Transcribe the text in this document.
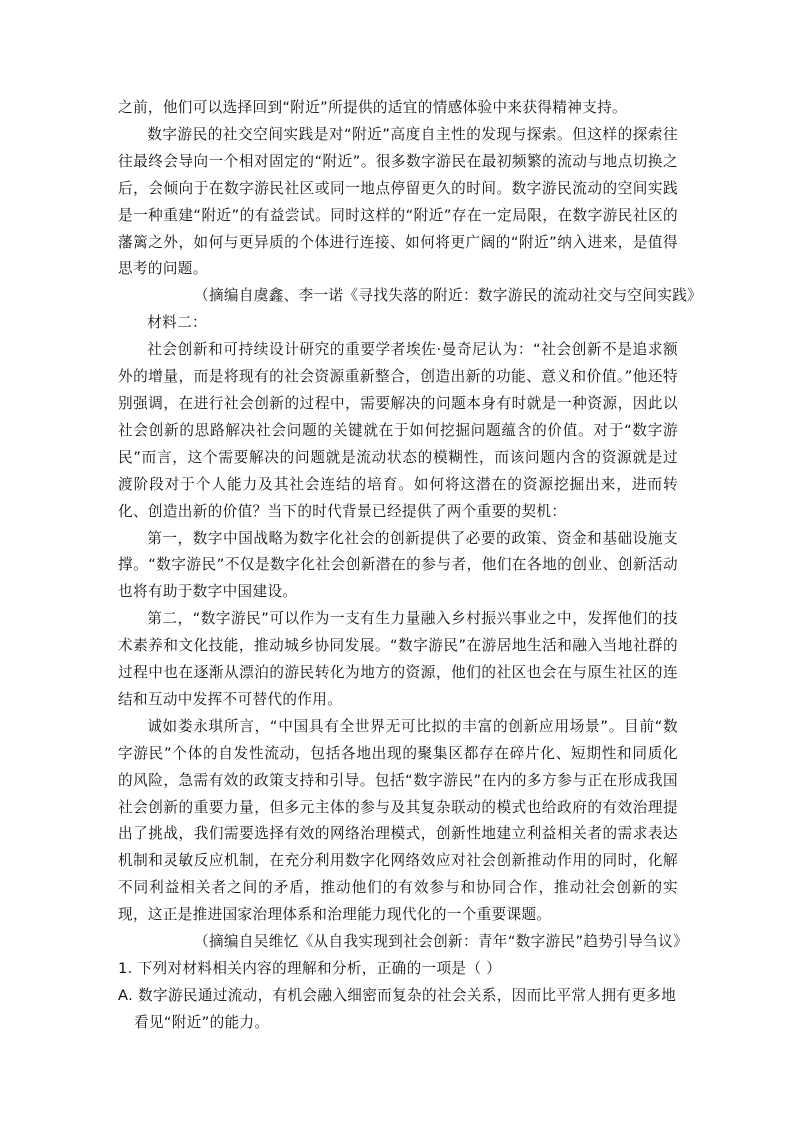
之前，他们可以选择回到“附近”所提供的适宜的情感体验中来获得精神支持。

数字游民的社交空间实践是对“附近”高度自主性的发现与探索。但这样的探索往往最终会导向一个相对固定的“附近”。很多数字游民在最初频繁的流动与地点切换之后，会倾向于在数字游民社区或同一地点停留更久的时间。数字游民流动的空间实践是一种重建“附近”的有益尝试。同时这样的“附近”存在一定局限，在数字游民社区的藩篱之外，如何与更异质的个体进行连接、如何将更广阔的“附近”纳入进来，是值得思考的问题。

（摘编自虞鑫、李一诺《寻找失落的附近：数字游民的流动社交与空间实践》

材料二：

社会创新和可持续设计研究的重要学者埃佐·曼奇尼认为：“社会创新不是追求额外的增量，而是将现有的社会资源重新整合，创造出新的功能、意义和价值。”他还特别强调，在进行社会创新的过程中，需要解决的问题本身有时就是一种资源，因此以社会创新的思路解决社会问题的关键就在于如何挖掘问题蕴含的价值。对于“数字游民”而言，这个需要解决的问题就是流动状态的模糊性，而该问题内含的资源就是过渡阶段对于个人能力及其社会连结的培育。如何将这潜在的资源挖掘出来，进而转化、创造出新的价值？当下的时代背景已经提供了两个重要的契机：

第一，数字中国战略为数字化社会的创新提供了必要的政策、资金和基础设施支撑。“数字游民”不仅是数字化社会创新潜在的参与者，他们在各地的创业、创新活动也将有助于数字中国建设。

第二，“数字游民”可以作为一支有生力量融入乡村振兴事业之中，发挥他们的技术素养和文化技能，推动城乡协同发展。“数字游民”在游居地生活和融入当地社群的过程中也在逐渐从漂泊的游民转化为地方的资源，他们的社区也会在与原生社区的连结和互动中发挥不可替代的作用。

诚如娄永琪所言，“中国具有全世界无可比拟的丰富的创新应用场景”。目前“数字游民”个体的自发性流动，包括各地出现的聚集区都存在碎片化、短期性和同质化的风险，急需有效的政策支持和引导。包括“数字游民”在内的多方参与正在形成我国社会创新的重要力量，但多元主体的参与及其复杂联动的模式也给政府的有效治理提出了挑战，我们需要选择有效的网络治理模式，创新性地建立利益相关者的需求表达机制和灵敏反应机制，在充分利用数字化网络效应对社会创新推动作用的同时，化解不同利益相关者之间的矛盾，推动他们的有效参与和协同合作，推动社会创新的实现，这正是推进国家治理体系和治理能力现代化的一个重要课题。

（摘编自吴维忆《从自我实现到社会创新：青年“数字游民”趋势引导刍议》

1. 下列对材料相关内容的理解和分析，正确的一项是（ ）

A. 数字游民通过流动，有机会融入细密而复杂的社会关系，因而比平常人拥有更多地看见“附近”的能力。
